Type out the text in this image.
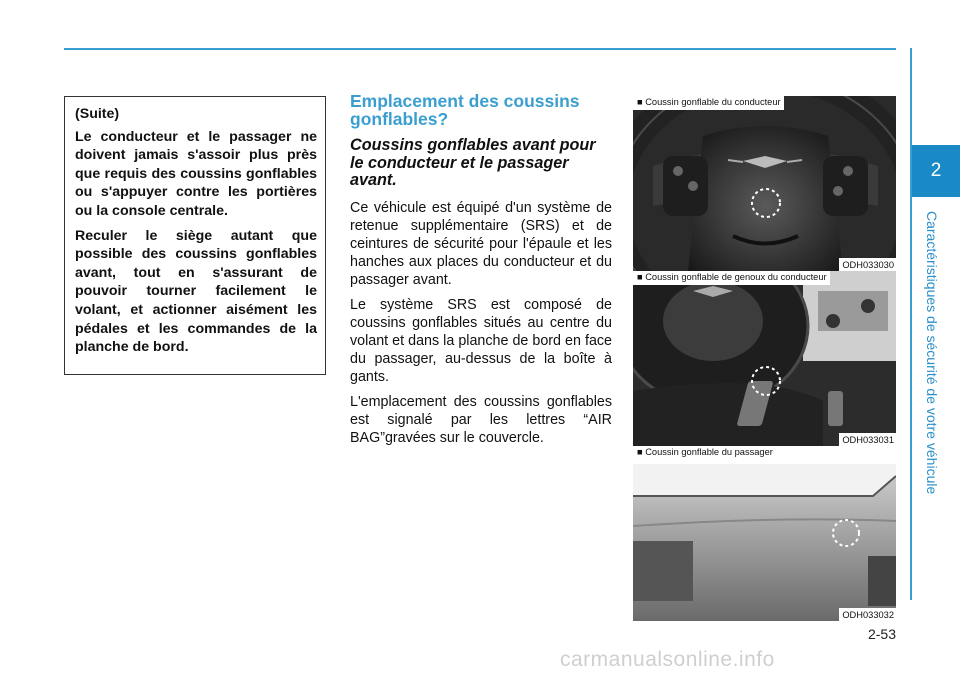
2
Caractéristiques de sécurité de votre véhicule

(Suite)

Le conducteur et le passager ne doivent jamais s'assoir plus près que requis des coussins gonflables ou s'appuyer contre les portières ou la console centrale.

Reculer le siège autant que possible des coussins gonflables avant, tout en s'assurant de pouvoir tourner facilement le volant, et actionner aisément les pédales et les commandes de la planche de bord.

Emplacement des coussins gonflables?
Coussins gonflables avant pour le conducteur et le passager avant.

Ce véhicule est équipé d'un système de retenue supplémentaire (SRS) et de ceintures de sécurité pour l'épaule et les hanches aux places du conducteur et du passager avant.

Le système SRS est composé de coussins gonflables situés au centre du volant et dans la planche de bord en face du passager, au-dessus de la boîte à gants.

L'emplacement des coussins gonflables est signalé par les lettres “AIR BAG”gravées sur le couvercle.

■ Coussin gonflable du conducteur
ODH033030
■ Coussin gonflable de genoux du conducteur
ODH033031
■ Coussin gonflable du passager
ODH033032
2-53
carmanualsonline.info
